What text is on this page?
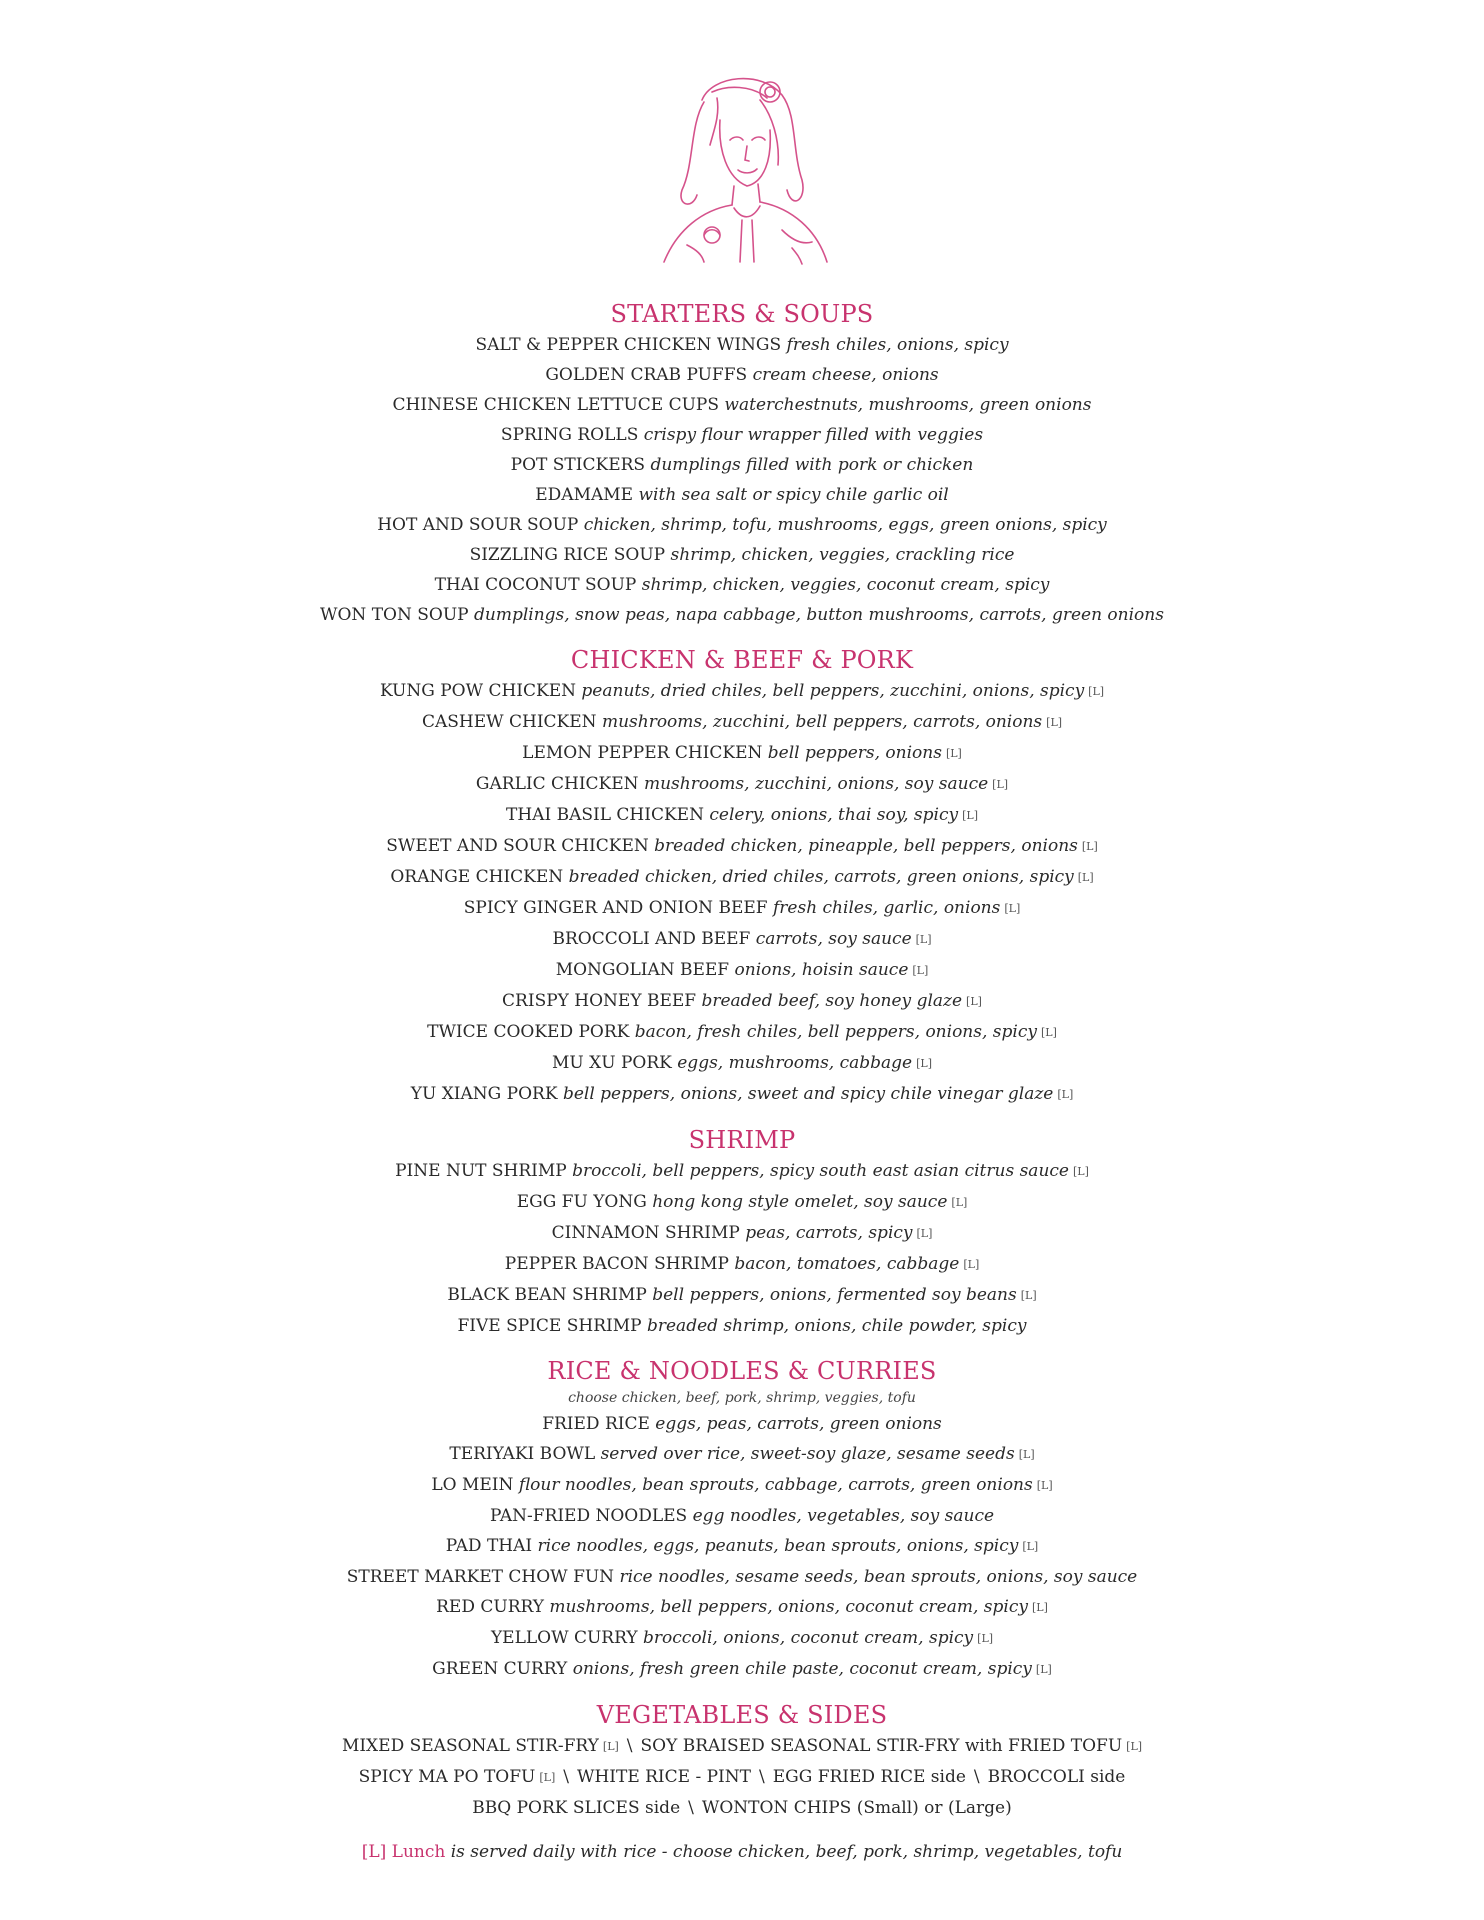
STARTERS & SOUPS
SALT & PEPPER CHICKEN WINGS fresh chiles, onions, spicy
GOLDEN CRAB PUFFS cream cheese, onions
CHINESE CHICKEN LETTUCE CUPS waterchestnuts, mushrooms, green onions
SPRING ROLLS crispy flour wrapper filled with veggies
POT STICKERS dumplings filled with pork or chicken
EDAMAME with sea salt or spicy chile garlic oil
HOT AND SOUR SOUP chicken, shrimp, tofu, mushrooms, eggs, green onions, spicy
SIZZLING RICE SOUP shrimp, chicken, veggies, crackling rice
THAI COCONUT SOUP shrimp, chicken, veggies, coconut cream, spicy
WON TON SOUP dumplings, snow peas, napa cabbage, button mushrooms, carrots, green onions
CHICKEN & BEEF & PORK
KUNG POW CHICKEN peanuts, dried chiles, bell peppers, zucchini, onions, spicy [L]
CASHEW CHICKEN mushrooms, zucchini, bell peppers, carrots, onions [L]
LEMON PEPPER CHICKEN bell peppers, onions [L]
GARLIC CHICKEN mushrooms, zucchini, onions, soy sauce [L]
THAI BASIL CHICKEN celery, onions, thai soy, spicy [L]
SWEET AND SOUR CHICKEN breaded chicken, pineapple, bell peppers, onions [L]
ORANGE CHICKEN breaded chicken, dried chiles, carrots, green onions, spicy [L]
SPICY GINGER AND ONION BEEF fresh chiles, garlic, onions [L]
BROCCOLI AND BEEF carrots, soy sauce [L]
MONGOLIAN BEEF onions, hoisin sauce [L]
CRISPY HONEY BEEF breaded beef, soy honey glaze [L]
TWICE COOKED PORK bacon, fresh chiles, bell peppers, onions, spicy [L]
MU XU PORK eggs, mushrooms, cabbage [L]
YU XIANG PORK bell peppers, onions, sweet and spicy chile vinegar glaze [L]
SHRIMP
PINE NUT SHRIMP broccoli, bell peppers, spicy south east asian citrus sauce [L]
EGG FU YONG hong kong style omelet, soy sauce [L]
CINNAMON SHRIMP peas, carrots, spicy [L]
PEPPER BACON SHRIMP bacon, tomatoes, cabbage [L]
BLACK BEAN SHRIMP bell peppers, onions, fermented soy beans [L]
FIVE SPICE SHRIMP breaded shrimp, onions, chile powder, spicy
RICE & NOODLES & CURRIES
choose chicken, beef, pork, shrimp, veggies, tofu
FRIED RICE eggs, peas, carrots, green onions
TERIYAKI BOWL served over rice, sweet-soy glaze, sesame seeds [L]
LO MEIN flour noodles, bean sprouts, cabbage, carrots, green onions [L]
PAN-FRIED NOODLES egg noodles, vegetables, soy sauce
PAD THAI rice noodles, eggs, peanuts, bean sprouts, onions, spicy [L]
STREET MARKET CHOW FUN rice noodles, sesame seeds, bean sprouts, onions, soy sauce
RED CURRY mushrooms, bell peppers, onions, coconut cream, spicy [L]
YELLOW CURRY broccoli, onions, coconut cream, spicy [L]
GREEN CURRY onions, fresh green chile paste, coconut cream, spicy [L]
VEGETABLES & SIDES
MIXED SEASONAL STIR-FRY [L] \ SOY BRAISED SEASONAL STIR-FRY with FRIED TOFU [L]
SPICY MA PO TOFU [L] \ WHITE RICE - PINT \ EGG FRIED RICE side \ BROCCOLI side
BBQ PORK SLICES side \ WONTON CHIPS (Small) or (Large)
[L] Lunch is served daily with rice - choose chicken, beef, pork, shrimp, vegetables, tofu
